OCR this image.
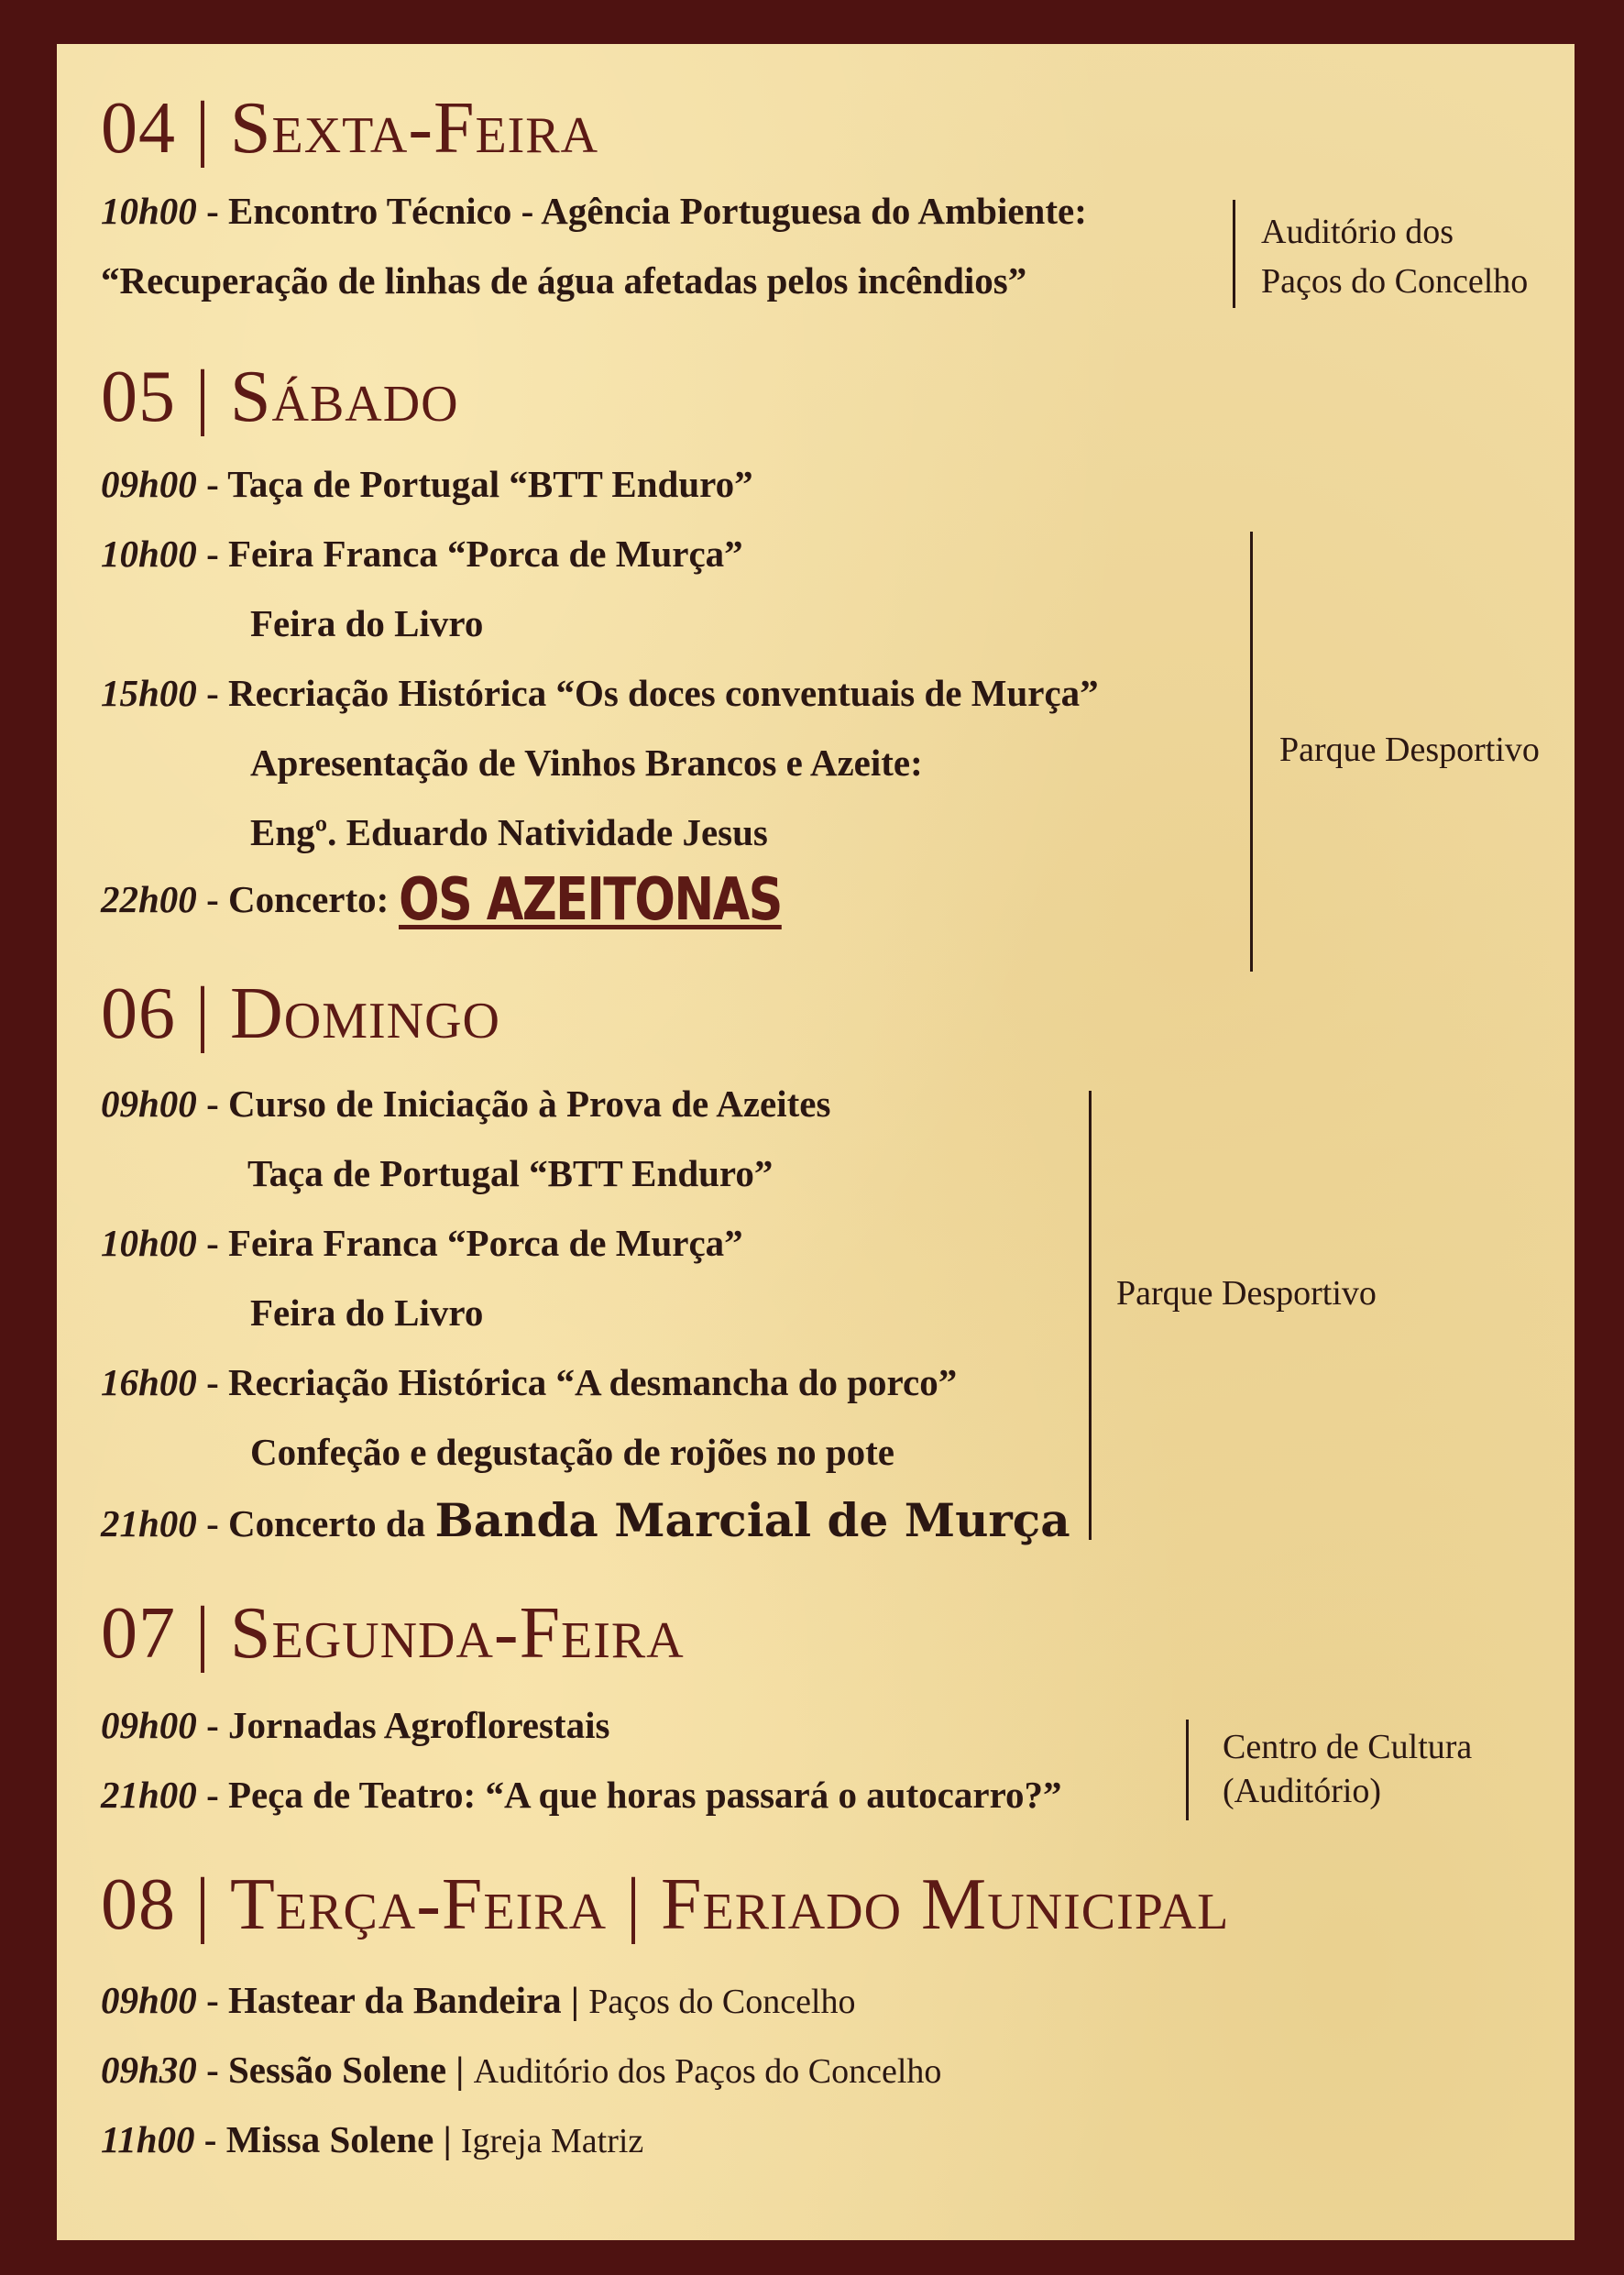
04 | Sexta-Feira
10h00 - Encontro Técnico - Agência Portuguesa do Ambiente:
“Recuperação de linhas de água afetadas pelos incêndios”
Auditório dos
Paços do Concelho
05 | Sábado
09h00 - Taça de Portugal “BTT Enduro”
10h00 - Feira Franca “Porca de Murça”
Feira do Livro
15h00 - Recriação Histórica “Os doces conventuais de Murça”
Apresentação de Vinhos Brancos e Azeite:
Engº. Eduardo Natividade Jesus
22h00 - Concerto: OS AZEITONAS
Parque Desportivo
06 | Domingo
09h00 - Curso de Iniciação à Prova de Azeites
Taça de Portugal “BTT Enduro”
10h00 - Feira Franca “Porca de Murça”
Feira do Livro
16h00 - Recriação Histórica “A desmancha do porco”
Confeção e degustação de rojões no pote
21h00 - Concerto da Banda Marcial de Murça
Parque Desportivo
07 | Segunda-Feira
09h00 - Jornadas Agroflorestais
21h00 - Peça de Teatro: “A que horas passará o autocarro?”
Centro de Cultura
(Auditório)
08 | Terça-Feira | Feriado Municipal
09h00 - Hastear da Bandeira | Paços do Concelho
09h30 - Sessão Solene | Auditório dos Paços do Concelho
11h00 - Missa Solene | Igreja Matriz
